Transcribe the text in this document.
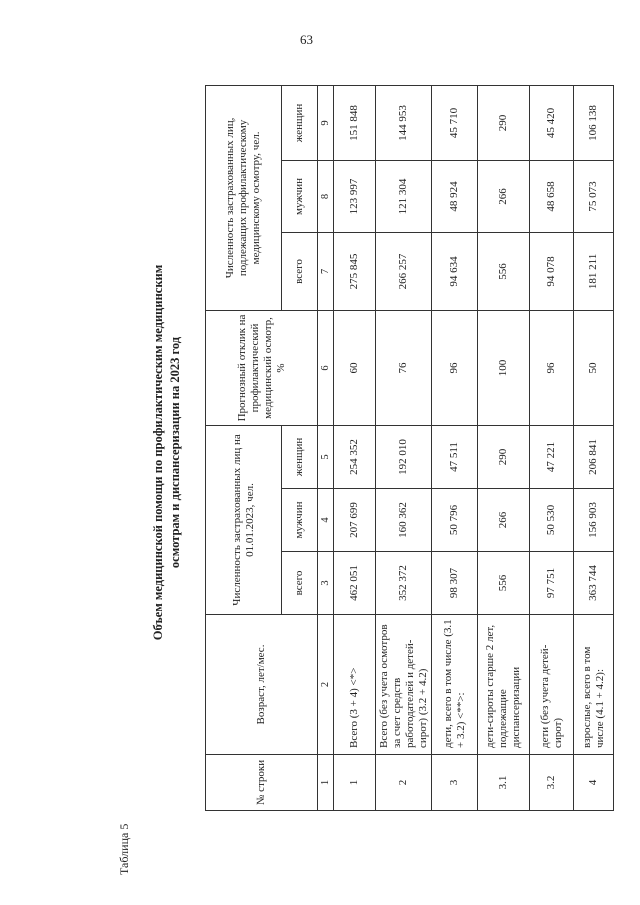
63
Таблица 5
Объем медицинской помощи по профилактическим медицинским осмотрам и диспансеризации на 2023 год
№ строки	Возраст, лет/мес.	Численность застрахованных лиц на 01.01.2023, чел.			Прогнозный отклик на профилактический медицинский осмотр, %	Численность застрахованных лиц, подлежащих профилактическому медицинскому осмотру, чел.		
		всего	мужчин	женщин		всего	мужчин	женщин
1	2	3	4	5	6	7	8	9
1	Всего (3 + 4) <*>	462 051	207 699	254 352	60	275 845	123 997	151 848
2	Всего (без учета осмотров за счет средств работодателей и детей-сирот) (3.2 + 4.2)	352 372	160 362	192 010	76	266 257	121 304	144 953
3	дети, всего в том числе (3.1 + 3.2) <**>:	98 307	50 796	47 511	96	94 634	48 924	45 710
3.1	дети-сироты старше 2 лет, подлежащие диспансеризации	556	266	290	100	556	266	290
3.2	дети (без учета детей-сирот)	97 751	50 530	47 221	96	94 078	48 658	45 420
4	взрослые, всего в том числе (4.1 + 4.2):	363 744	156 903	206 841	50	181 211	75 073	106 138
